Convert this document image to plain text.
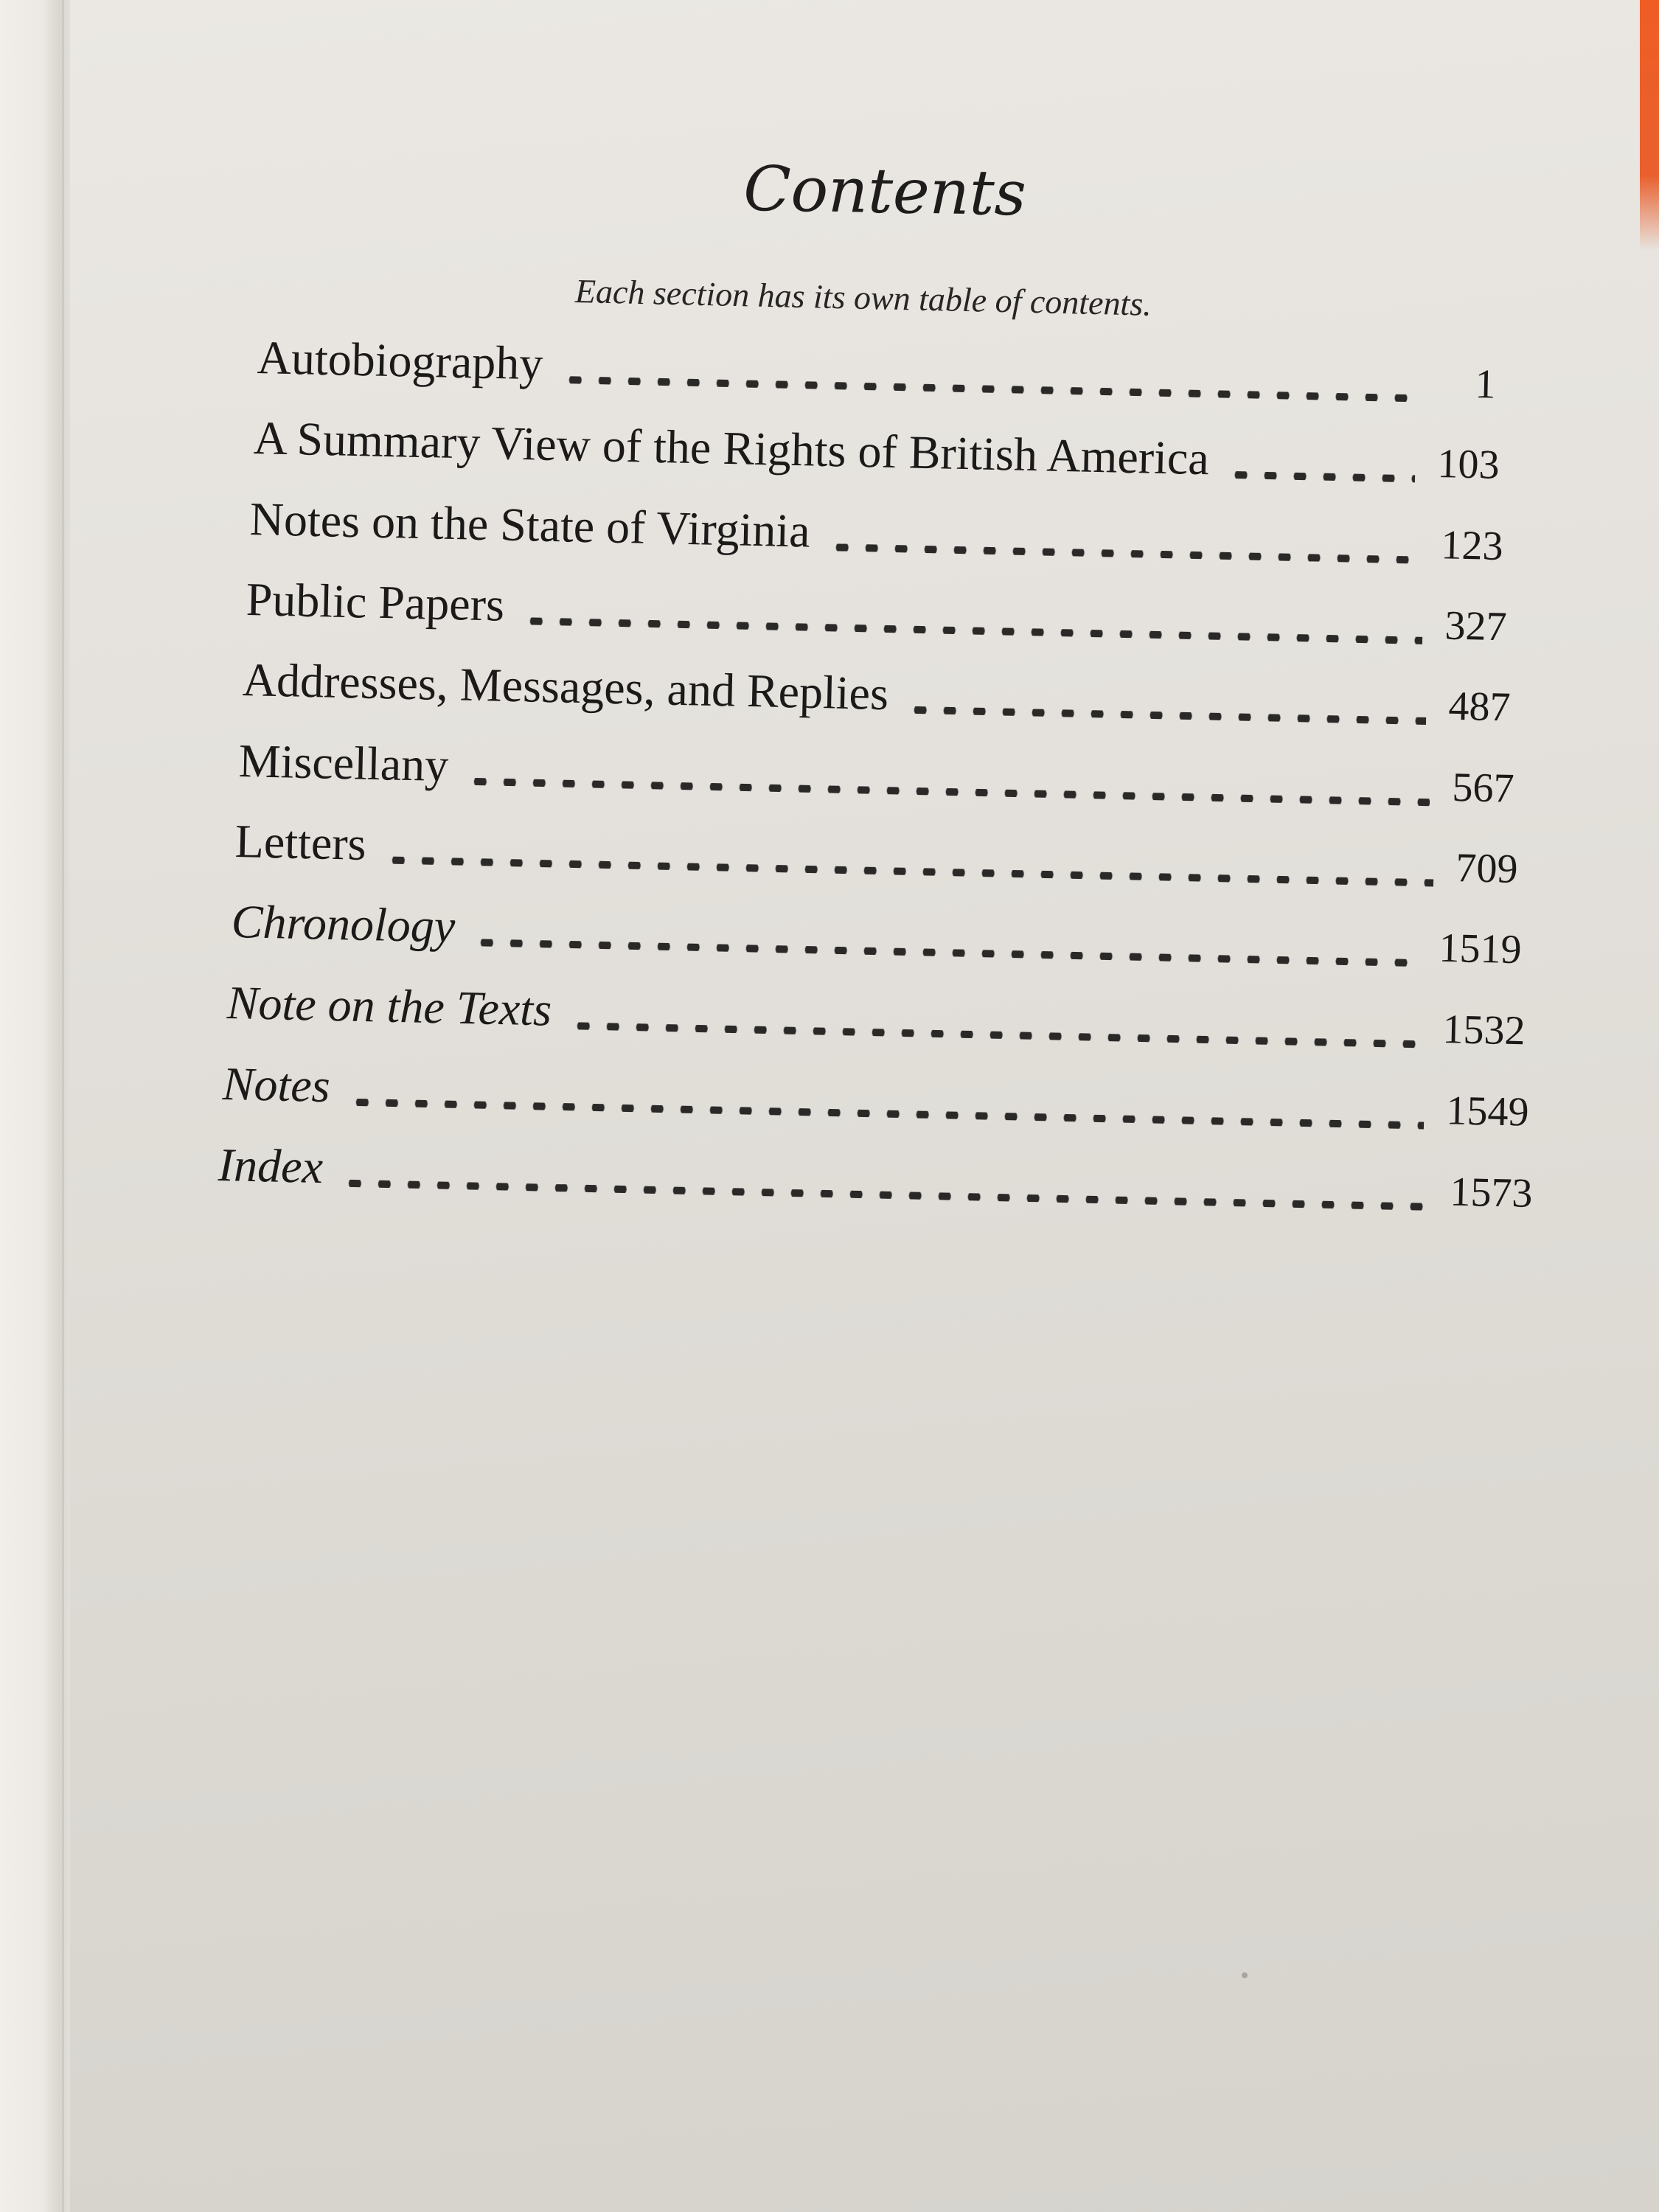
Contents
Each section has its own table of contents.
Autobiography	1
A Summary View of the Rights of British America	103
Notes on the State of Virginia	123
Public Papers	327
Addresses, Messages, and Replies	487
Miscellany	567
Letters	709
Chronology	1519
Note on the Texts	1532
Notes	1549
Index	1573
